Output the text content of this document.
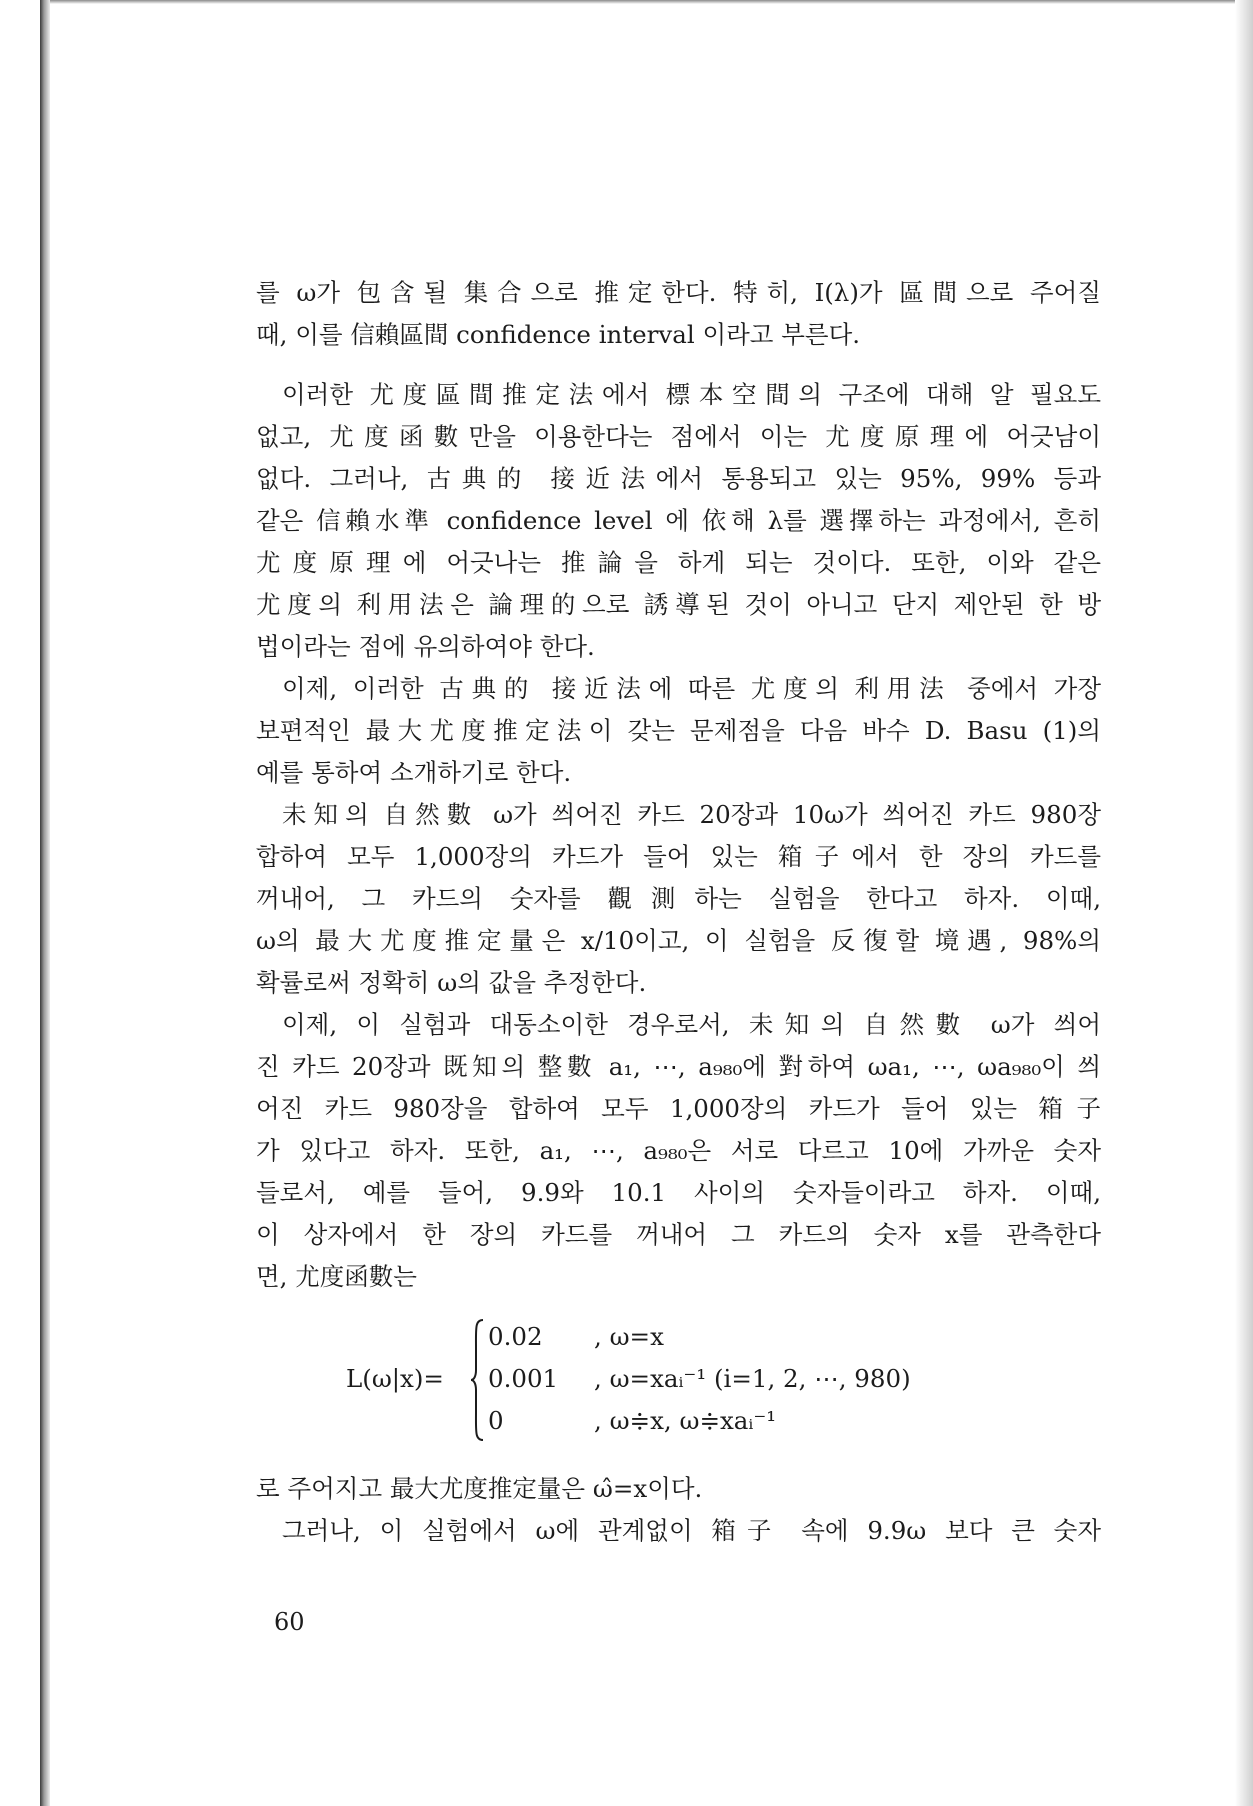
를 ω가 包含될 集合으로 推定한다. 特히, I(λ)가 區間으로 주어질
때, 이를 信賴區間 confidence interval 이라고 부른다.
이러한 尤度區間推定法에서 標本空間의 구조에 대해 알 필요도
없고, 尤度函數만을 이용한다는 점에서 이는 尤度原理에 어긋남이
없다. 그러나, 古典的 接近法에서 통용되고 있는 95%, 99% 등과
같은 信賴水準 confidence level 에 依해 λ를 選擇하는 과정에서, 흔히
尤度原理에 어긋나는 推論을 하게 되는 것이다. 또한, 이와 같은
尤度의 利用法은 論理的으로 誘導된 것이 아니고 단지 제안된 한 방
법이라는 점에 유의하여야 한다.
이제, 이러한 古典的 接近法에 따른 尤度의 利用法 중에서 가장
보편적인 最大尤度推定法이 갖는 문제점을 다음 바수 D. Basu (1)의
예를 통하여 소개하기로 한다.
未知의 自然數 ω가 씌어진 카드 20장과 10ω가 씌어진 카드 980장
합하여 모두 1,000장의 카드가 들어 있는 箱子에서 한 장의 카드를
꺼내어, 그 카드의 숫자를 觀測하는 실험을 한다고 하자. 이때,
ω의 最大尤度推定量은 x/10이고, 이 실험을 反復할 境遇, 98%의
확률로써 정확히 ω의 값을 추정한다.
이제, 이 실험과 대동소이한 경우로서, 未知의 自然數 ω가 씌어
진 카드 20장과 既知의 整數 a₁, ⋯, a₉₈₀에 對하여 ωa₁, ⋯, ωa₉₈₀이 씌
어진 카드 980장을 합하여 모두 1,000장의 카드가 들어 있는 箱子
가 있다고 하자. 또한, a₁, ⋯, a₉₈₀은 서로 다르고 10에 가까운 숫자
들로서, 예를 들어, 9.9와 10.1 사이의 숫자들이라고 하자. 이때,
이 상자에서 한 장의 카드를 꺼내어 그 카드의 숫자 x를 관측한다
면, 尤度函數는
L(ω|x)=
0.02
0.001
0
, ω=x
, ω=xaᵢ⁻¹ (i=1, 2, ⋯, 980)
, ω≑x, ω≑xaᵢ⁻¹
로 주어지고 最大尤度推定量은 ω̂=x이다.
그러나, 이 실험에서 ω에 관계없이 箱子 속에 9.9ω 보다 큰 숫자
60
